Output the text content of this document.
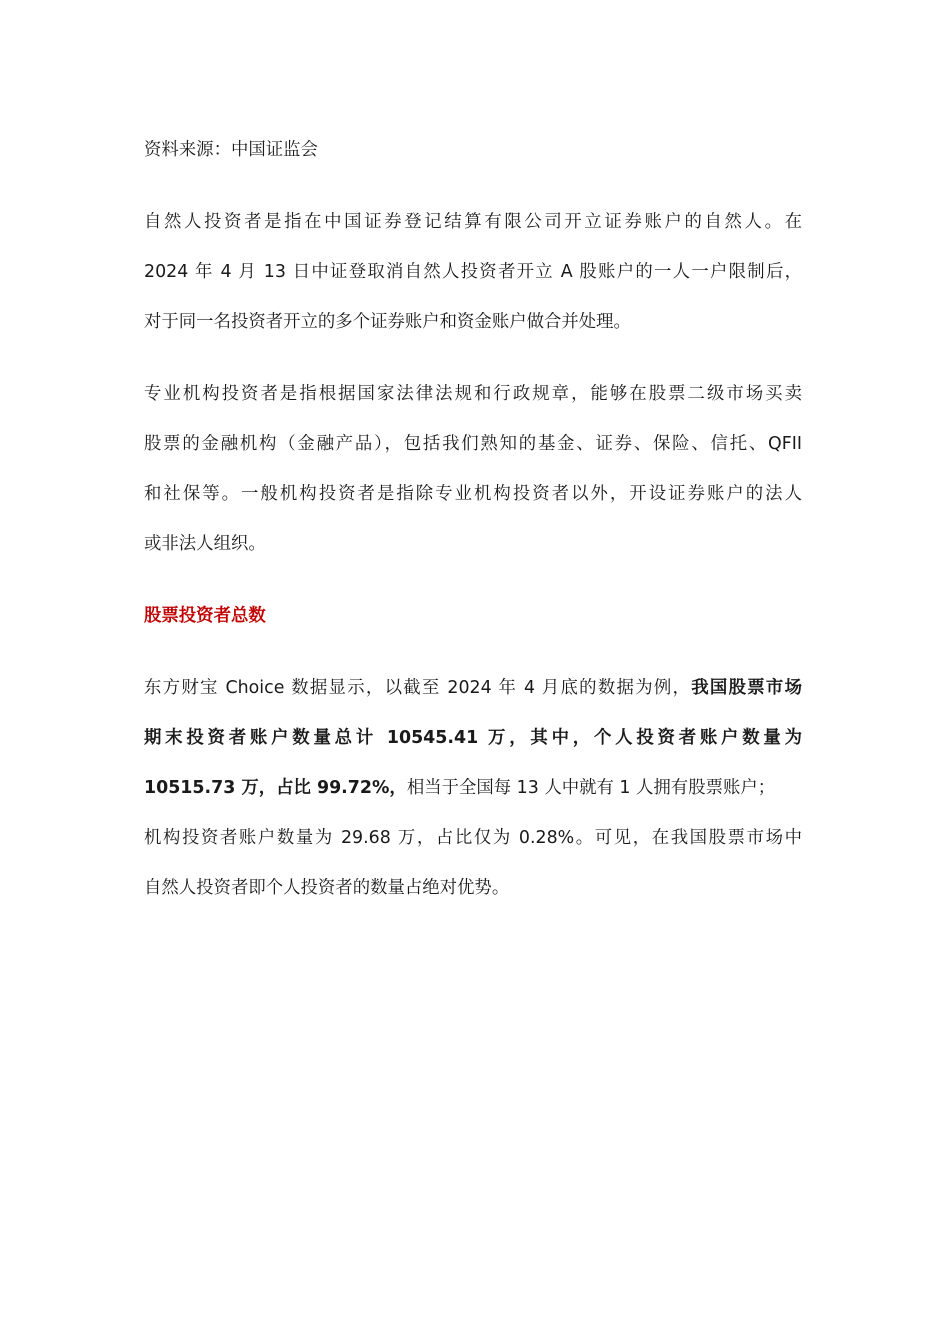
资料来源：中国证监会
自然人投资者是指在中国证券登记结算有限公司开立证券账户的自然人。在
2024 年 4 月 13 日中证登取消自然人投资者开立 A 股账户的一人一户限制后，
对于同一名投资者开立的多个证券账户和资金账户做合并处理。
专业机构投资者是指根据国家法律法规和行政规章，能够在股票二级市场买卖
股票的金融机构（金融产品），包括我们熟知的基金、证券、保险、信托、QFII
和社保等。一般机构投资者是指除专业机构投资者以外，开设证券账户的法人
或非法人组织。
股票投资者总数
东方财宝 Choice 数据显示，以截至 2024 年 4 月底的数据为例，我国股票市场
期末投资者账户数量总计 10545.41 万，其中，个人投资者账户数量为
10515.73 万，占比 99.72%，相当于全国每 13 人中就有 1 人拥有股票账户；
机构投资者账户数量为 29.68 万，占比仅为 0.28%。可见，在我国股票市场中
自然人投资者即个人投资者的数量占绝对优势。
